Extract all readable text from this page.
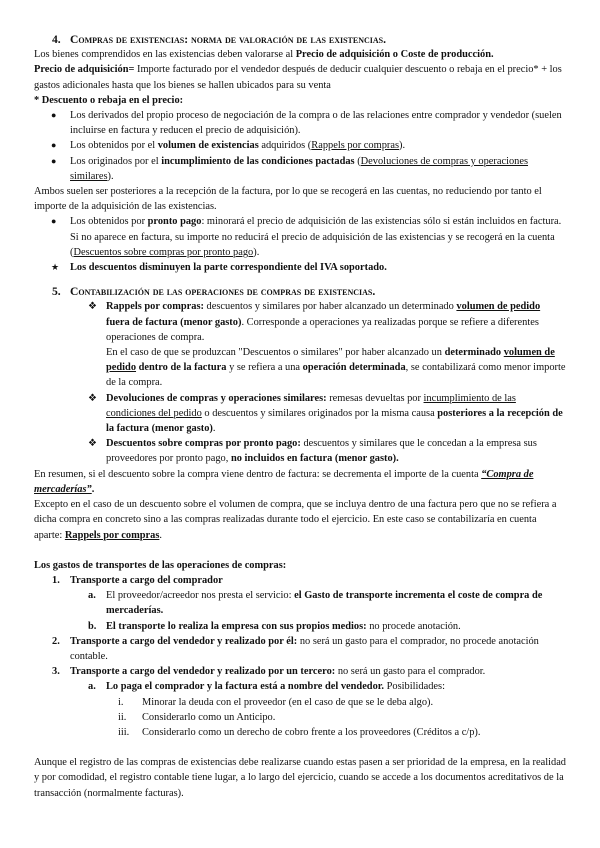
4. Compras de existencias: norma de valoración de las existencias.

Los bienes comprendidos en las existencias deben valorarse al Precio de adquisición o Coste de producción.

Precio de adquisición= Importe facturado por el vendedor después de deducir cualquier descuento o rebaja en el precio* + los gastos adicionales hasta que los bienes se hallen ubicados para su venta

* Descuento o rebaja en el precio:

● Los derivados del propio proceso de negociación de la compra o de las relaciones entre comprador y vendedor (suelen incluirse en factura y reducen el precio de adquisición).
● Los obtenidos por el volumen de existencias adquiridos (Rappels por compras).
● Los originados por el incumplimiento de las condiciones pactadas (Devoluciones de compras y operaciones similares).

Ambos suelen ser posteriores a la recepción de la factura, por lo que se recogerá en las cuentas, no reduciendo por tanto el importe de la adquisición de las existencias.

● Los obtenidos por pronto pago: minorará el precio de adquisición de las existencias sólo si están incluidos en factura. Si no aparece en factura, su importe no reducirá el precio de adquisición de las existencias y se recogerá en la cuenta (Descuentos sobre compras por pronto pago).
★ Los descuentos disminuyen la parte correspondiente del IVA soportado.

5. Contabilización de las operaciones de compras de existencias.

❖ Rappels por compras: descuentos y similares por haber alcanzado un determinado volumen de pedido fuera de factura (menor gasto). Corresponde a operaciones ya realizadas porque se refiere a diferentes operaciones de compra.

En el caso de que se produzcan "Descuentos o similares" por haber alcanzado un determinado volumen de pedido dentro de la factura y se refiera a una operación determinada, se contabilizará como menor importe de la compra.

❖ Devoluciones de compras y operaciones similares: remesas devueltas por incumplimiento de las condiciones del pedido o descuentos y similares originados por la misma causa posteriores a la recepción de la factura (menor gasto).
❖ Descuentos sobre compras por pronto pago: descuentos y similares que le concedan a la empresa sus proveedores por pronto pago, no incluidos en factura (menor gasto).

En resumen, si el descuento sobre la compra viene dentro de factura: se decrementa el importe de la cuenta “Compra de mercaderías”.

Excepto en el caso de un descuento sobre el volumen de compra, que se incluya dentro de una factura pero que no se refiera a dicha compra en concreto sino a las compras realizadas durante todo el ejercicio. En este caso se contabilizaría en cuenta aparte: Rappels por compras.

Los gastos de transportes de las operaciones de compras:

1. Transporte a cargo del comprador
a. El proveedor/acreedor nos presta el servicio: el Gasto de transporte incrementa el coste de compra de mercaderías.
b. El transporte lo realiza la empresa con sus propios medios: no procede anotación.
2. Transporte a cargo del vendedor y realizado por él: no será un gasto para el comprador, no procede anotación contable.
3. Transporte a cargo del vendedor y realizado por un tercero: no será un gasto para el comprador.
a. Lo paga el comprador y la factura está a nombre del vendedor. Posibilidades:
i. Minorar la deuda con el proveedor (en el caso de que se le deba algo).
ii. Considerarlo como un Anticipo.
iii. Considerarlo como un derecho de cobro frente a los proveedores (Créditos a c/p).

Aunque el registro de las compras de existencias debe realizarse cuando estas pasen a ser prioridad de la empresa, en la realidad y por comodidad, el registro contable tiene lugar, a lo largo del ejercicio, cuando se accede a los documentos acreditativos de la transacción (normalmente facturas).
